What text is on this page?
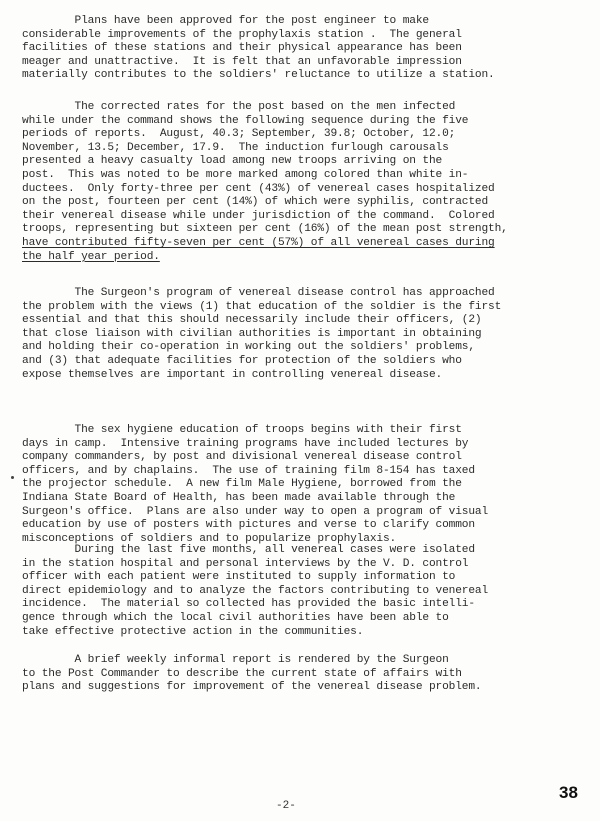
Plans have been approved for the post engineer to make
considerable improvements of the prophylaxis station .  The general
facilities of these stations and their physical appearance has been
meager and unattractive.  It is felt that an unfavorable impression
materially contributes to the soldiers' reluctance to utilize a station.
The corrected rates for the post based on the men infected
while under the command shows the following sequence during the five
periods of reports.  August, 40.3; September, 39.8; October, 12.0;
November, 13.5; December, 17.9.  The induction furlough carousals
presented a heavy casualty load among new troops arriving on the
post.  This was noted to be more marked among colored than white in-
ductees.  Only forty-three per cent (43%) of venereal cases hospitalized
on the post, fourteen per cent (14%) of which were syphilis, contracted
their venereal disease while under jurisdiction of the command.  Colored
troops, representing but sixteen per cent (16%) of the mean post strength,
have contributed fifty-seven per cent (57%) of all venereal cases during
the half year period.
The Surgeon's program of venereal disease control has approached
the problem with the views (1) that education of the soldier is the first
essential and that this should necessarily include their officers, (2)
that close liaison with civilian authorities is important in obtaining
and holding their co-operation in working out the soldiers' problems,
and (3) that adequate facilities for protection of the soldiers who
expose themselves are important in controlling venereal disease.
The sex hygiene education of troops begins with their first
days in camp.  Intensive training programs have included lectures by
company commanders, by post and divisional venereal disease control
officers, and by chaplains.  The use of training film 8-154 has taxed
the projector schedule.  A new film Male Hygiene, borrowed from the
Indiana State Board of Health, has been made available through the
Surgeon's office.  Plans are also under way to open a program of visual
education by use of posters with pictures and verse to clarify common
misconceptions of soldiers and to popularize prophylaxis.
During the last five months, all venereal cases were isolated
in the station hospital and personal interviews by the V. D. control
officer with each patient were instituted to supply information to
direct epidemiology and to analyze the factors contributing to venereal
incidence.  The material so collected has provided the basic intelli-
gence through which the local civil authorities have been able to
take effective protective action in the communities.
A brief weekly informal report is rendered by the Surgeon
to the Post Commander to describe the current state of affairs with
plans and suggestions for improvement of the venereal disease problem.
-2-
38
